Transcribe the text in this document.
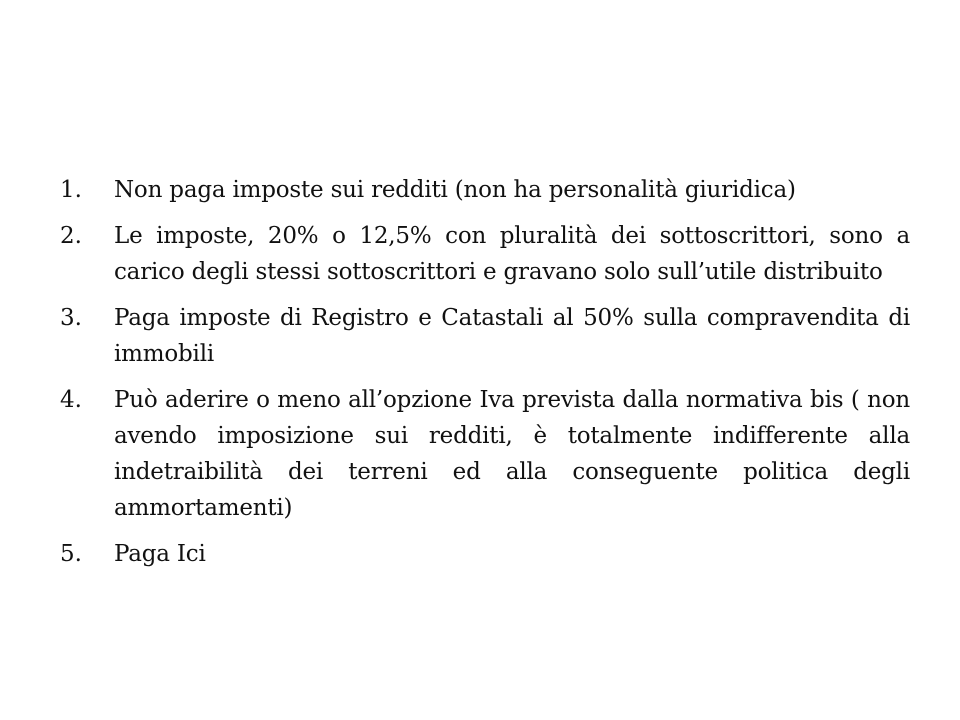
1.	Non paga imposte sui redditi (non ha personalità giuridica)
2.	Le imposte, 20% o 12,5% con pluralità dei sottoscrittori, sono a carico degli stessi sottoscrittori e gravano solo sull’utile distribuito
3.	Paga imposte di Registro e Catastali al 50% sulla compravendita di immobili
4.	Può aderire o meno all’opzione Iva prevista dalla normativa bis ( non avendo imposizione sui redditi, è totalmente indifferente alla indetraibilità dei terreni ed alla conseguente politica degli ammortamenti)
5.	Paga Ici
